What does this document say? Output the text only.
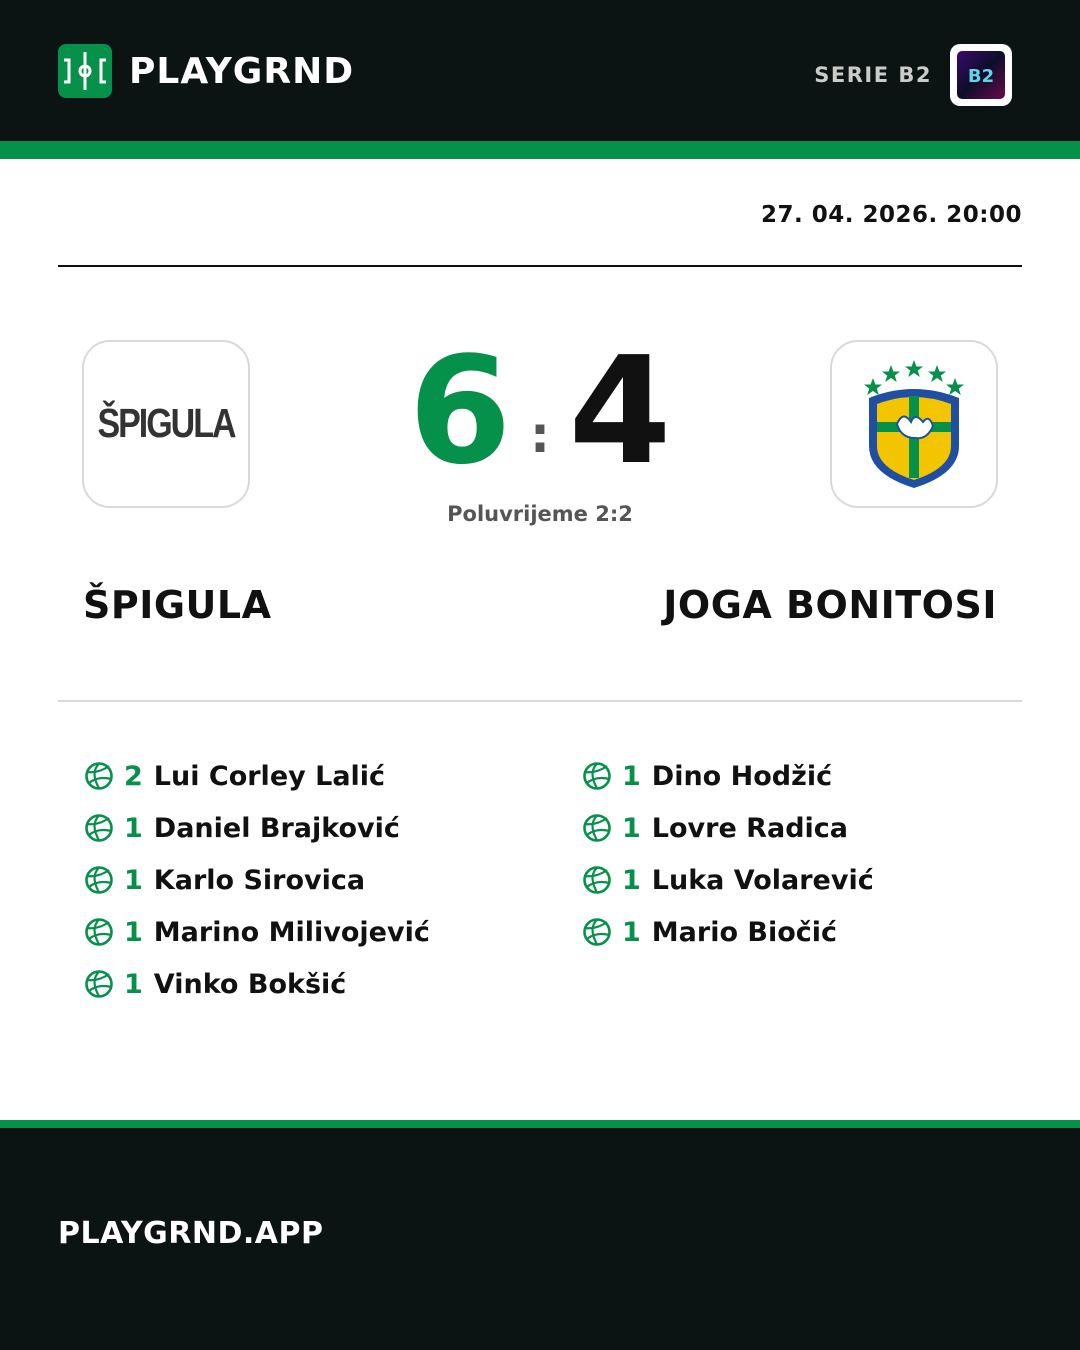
PLAYGRND	SERIE B2 B2
27. 04. 2026. 20:00
ŠPIGULA 6 : 4
Poluvrijeme 2:2
ŠPIGULA	JOGA BONITOSI
2 Lui Corley Lalić
1 Daniel Brajković
1 Karlo Sirovica
1 Marino Milivojević
1 Vinko Bokšić
1 Dino Hodžić
1 Lovre Radica
1 Luka Volarević
1 Mario Biočić
PLAYGRND.APP
